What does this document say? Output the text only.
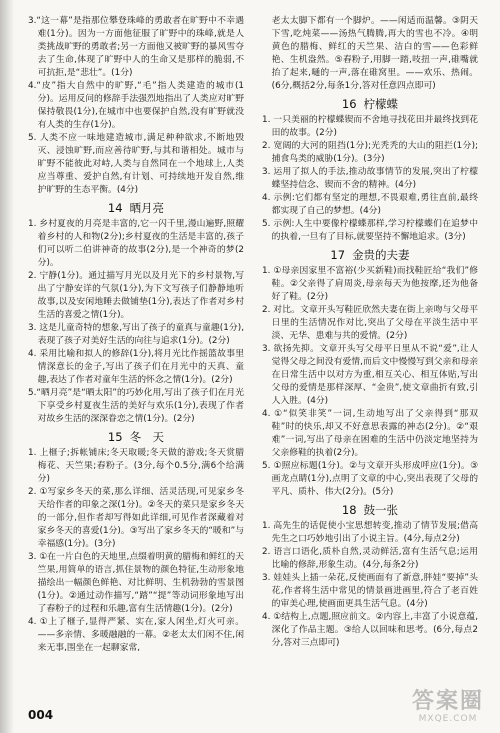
3.“这一幕”是指那位攀登珠峰的勇敢者在旷野中不幸遇难(1分)。因为一方面他征服了旷野中的珠峰,就是人类挑战旷野的勇敢者;另一方面他又被旷野的暴风雪夺去了生命,体现了旷野中人的生命又是那样的脆弱,不可抗拒,是“悲壮”。(1分)

4.“皮”指大自然中的旷野,“毛”指人类建造的城市(1分)。运用反问的修辞手法强烈地指出了人类应对旷野保持敬畏(1分),在城市中也要保护自然,没有旷野就没有人类的生存(1分)。

5. 人类不应一味地建造城市,满足种种欲求,不断地毁灭、浸蚀旷野,而应善待旷野,与其和谐相处。城市与旷野不能彼此对峙,人类与自然同在一个地球上,人类应当尊重、爱护自然,有计划、可持续地开发自然,维护旷野的生态平衡。(4分)

14 晒月亮

1. 乡村夏夜的月亮是丰富的,它一闪千里,漫山遍野,照耀着乡村的人和物(2分);乡村夏夜的生活是丰富的,孩子们可以听二伯讲神奇的故事(2分),是一个神奇的梦(2分)。

2. 宁静(1分)。通过描写月光以及月光下的乡村景物,写出了宁静安详的气氛(1分),为下文写孩子们静静地听故事,以及安闲地睡去做铺垫(1分),表达了作者对乡村生活的喜爱之情(1分)。

3. 这是儿童奇特的想象,写出了孩子的童真与童趣(1分),表现了孩子对美好生活的向往与追求(1分)。(2分)

4. 采用比喻和拟人的修辞(1分),将月光比作摇篮故事里情深意长的金子,写出了孩子们在月光中的天真、童趣,表达了作者对童年生活的怀念之情(1分)。(2分)

5.“晒月亮”是“晒太阳”的巧妙化用,写出了孩子们在月光下享受乡村夏夜生活的美好与欢乐(1分),表现了作者对故乡生活的深深眷恋之情(1分)。(2分)

15 冬　天

1. 上榧子;拆帐铺床;冬天取暖;冬天做的游戏;冬天赏腊梅花、天竺果;舂粉子。(3分,每个0.5分,满6个给满分)

2. ①写家乡冬天的菜,那么详细、活灵活现,可见家乡冬天给作者的印象之深(1分)。②冬天的菜只是家乡冬天的一部分,但作者却写得如此详细,可见作者深藏着对家乡冬天的喜爱(1分)。③写出了家乡冬天的“暖和”与幸福感(1分)。(3分)

3. ①在一片白色的天地里,点缀着明黄的腊梅和鲜红的天竺果,用简单的语言,抓住景物的颜色特征,生动形象地描绘出一幅颜色鲜艳、对比鲜明、生机勃勃的雪景图(1分)。②通过动作描写,“踏”“提”等动词形象地写出了舂粉子的过程和乐趣,富有生活情趣(1分)。(2分)

4. ①上了榧子,显得严紧、实在,家人闲坐,灯火可亲。——多亲情、多暖融融的一幕。②老太太们闲不住,闲来无事,围坐在一起聊家常,

老太太脚下都有一个脚炉。——闲适而温馨。③阴天下雪,吃炖菜——汤热气腾腾,再大的雪也不冷。④明黄色的腊梅、鲜红的天竺果、洁白的雪——色彩鲜艳、生机盎然。⑤舂粉子,用脚一踏,吱扭一声,碓嘴就抬了起来,嗵的一声,落在碓窝里。——欢乐、热闹。(6分,概括2分,每条1分,答对任意四点即可)

16 柠檬蝶

1. 一只美丽的柠檬蝶锲而不舍地寻找花田并最终找到花田的故事。(2分)

2. 宽阔的大河的阻挡(1分);光秃秃的大山的阻拦(1分);捕食鸟类的威胁(1分)。(3分)

3. 运用了拟人的手法,推动故事情节的发展,突出了柠檬蝶坚持信念、锲而不舍的精神。(4分)

4. 示例:它们都有坚定的理想,不畏艰难,勇往直前,最终都实现了自己的梦想。(4分)

5. 示例:人生中要像柠檬蝶那样,学习柠檬蝶们在追梦中的执着,一旦有了目标,就要坚持不懈地追求。(3分)

17 金贵的夫妻

1. ①母亲因家里不富裕(少买新鞋)而找鞋匠给“我们”修鞋。②父亲得了肩周炎,母亲每天为他按摩,还为他备好了鞋。(2分)

2. 对比。文章开头写鞋匠欣然夫妻在街上亲吻与父母平日里的生活情况作对比,突出了父母在平淡生活中平淡、无华、患难与共的爱情。(2分)

3. 欲扬先抑。文章开头写父母平日里从不说“爱”,让人觉得父母之间没有爱情,而后文中慢慢写到父亲和母亲在日常生活中以对方为重,相互关心、相互体贴,写出父母的爱情是那样深厚、“金贵”,使文章曲折有致,引人入胜。(4分)

4. ①“似笑非笑”一词,生动地写出了父亲得到“那双鞋”时的快乐,却又不好意思表露的神态(2分)。②“艰难”一词,写出了母亲在困难的生活中仍淡定地坚持为父亲修鞋的执着(2分)。

5. ①照应标题(1分)。②与文章开头形成呼应(1分)。③画龙点睛(1分),点明了文章的中心,突出表现了父母的平凡、质朴、伟大(2分)。(5分)

18 鼓一张

1. 高先生的话促使小宝思想转变,推动了情节发展;借高先生之口巧妙地引出了小说主旨。(4分,每点2分)

2. 语言口语化,质朴自然,灵动鲜活,富有生活气息;运用比喻的修辞,形象生动。(4分,每条2分)

3. 娃娃头上插一朵花,反使画面有了新意,胖娃“要掉”头花,作者将生活中常见的情景画进画里,符合了老百姓的审美心理,使画面更具生活气息。(4分)

4. ①结构上,点题,照应前文。②内容上,丰富了小说意蕴,深化了作品主题。③给人以回味和思考。(6分,每点2分,答对三点即可)

004
答案圈
MXQE.COM
